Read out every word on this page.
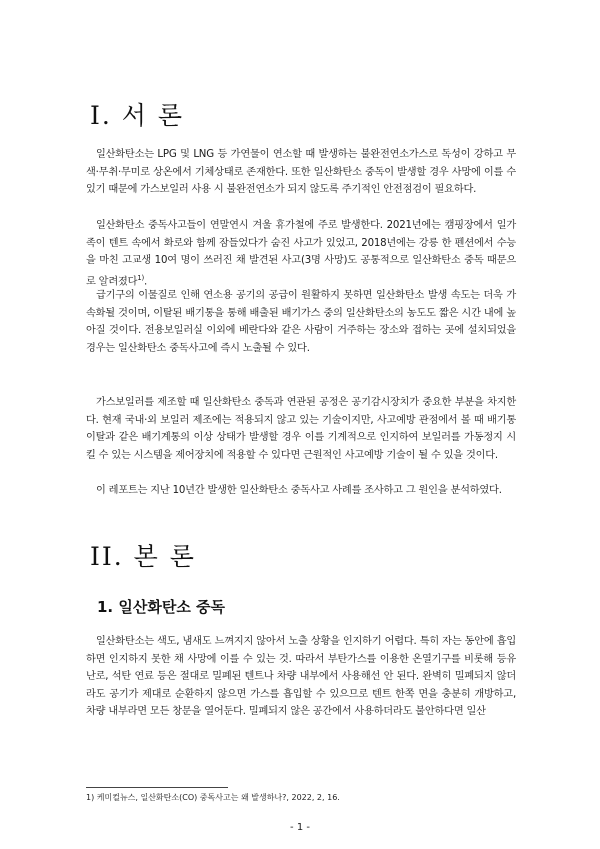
I. 서 론
일산화탄소는 LPG 및 LNG 등 가연물이 연소할 때 발생하는 불완전연소가스로 독성이 강하고 무색·무취·무미로 상온에서 기체상태로 존재한다. 또한 일산화탄소 중독이 발생할 경우 사망에 이를 수 있기 때문에 가스보일러 사용 시 불완전연소가 되지 않도록 주기적인 안전점검이 필요하다.
일산화탄소 중독사고들이 연말연시 겨울 휴가철에 주로 발생한다. 2021년에는 캠핑장에서 일가족이 텐트 속에서 화로와 함께 잠들었다가 숨진 사고가 있었고, 2018년에는 강릉 한 펜션에서 수능을 마친 고교생 10여 명이 쓰러진 채 발견된 사고(3명 사망)도 공통적으로 일산화탄소 중독 때문으로 알려졌다$^{1)}$.
급기구의 이물질로 인해 연소용 공기의 공급이 원활하지 못하면 일산화탄소 발생 속도는 더욱 가속화될 것이며, 이탈된 배기통을 통해 배출된 배기가스 중의 일산화탄소의 농도도 짧은 시간 내에 높아질 것이다. 전용보일러실 이외에 베란다와 같은 사람이 거주하는 장소와 접하는 곳에 설치되었을 경우는 일산화탄소 중독사고에 즉시 노출될 수 있다.
가스보일러를 제조할 때 일산화탄소 중독과 연관된 공정은 공기감시장치가 중요한 부분을 차지한다. 현재 국내·외 보일러 제조에는 적용되지 않고 있는 기술이지만, 사고예방 관점에서 볼 때 배기통 이탈과 같은 배기계통의 이상 상태가 발생할 경우 이를 기계적으로 인지하여 보일러를 가동정지 시킬 수 있는 시스템을 제어장치에 적용할 수 있다면 근원적인 사고예방 기술이 될 수 있을 것이다.
이 레포트는 지난 10년간 발생한 일산화탄소 중독사고 사례를 조사하고 그 원인을 분석하였다.
II. 본 론
1. 일산화탄소 중독
일산화탄소는 색도, 냄새도 느껴지지 않아서 노출 상황을 인지하기 어렵다. 특히 자는 동안에 흡입하면 인지하지 못한 채 사망에 이를 수 있는 것. 따라서 부탄가스를 이용한 온열기구를 비롯해 등유 난로, 석탄 연료 등은 절대로 밀폐된 텐트나 차량 내부에서 사용해선 안 된다. 완벽히 밀폐되지 않더라도 공기가 제대로 순환하지 않으면 가스를 흡입할 수 있으므로 텐트 한쪽 면을 충분히 개방하고, 차량 내부라면 모든 창문을 열어둔다. 밀폐되지 않은 공간에서 사용하더라도 불안하다면 일산
1) 케미컬뉴스, 일산화탄소(CO) 중독사고는 왜 발생하나?, 2022, 2, 16.
- 1 -
